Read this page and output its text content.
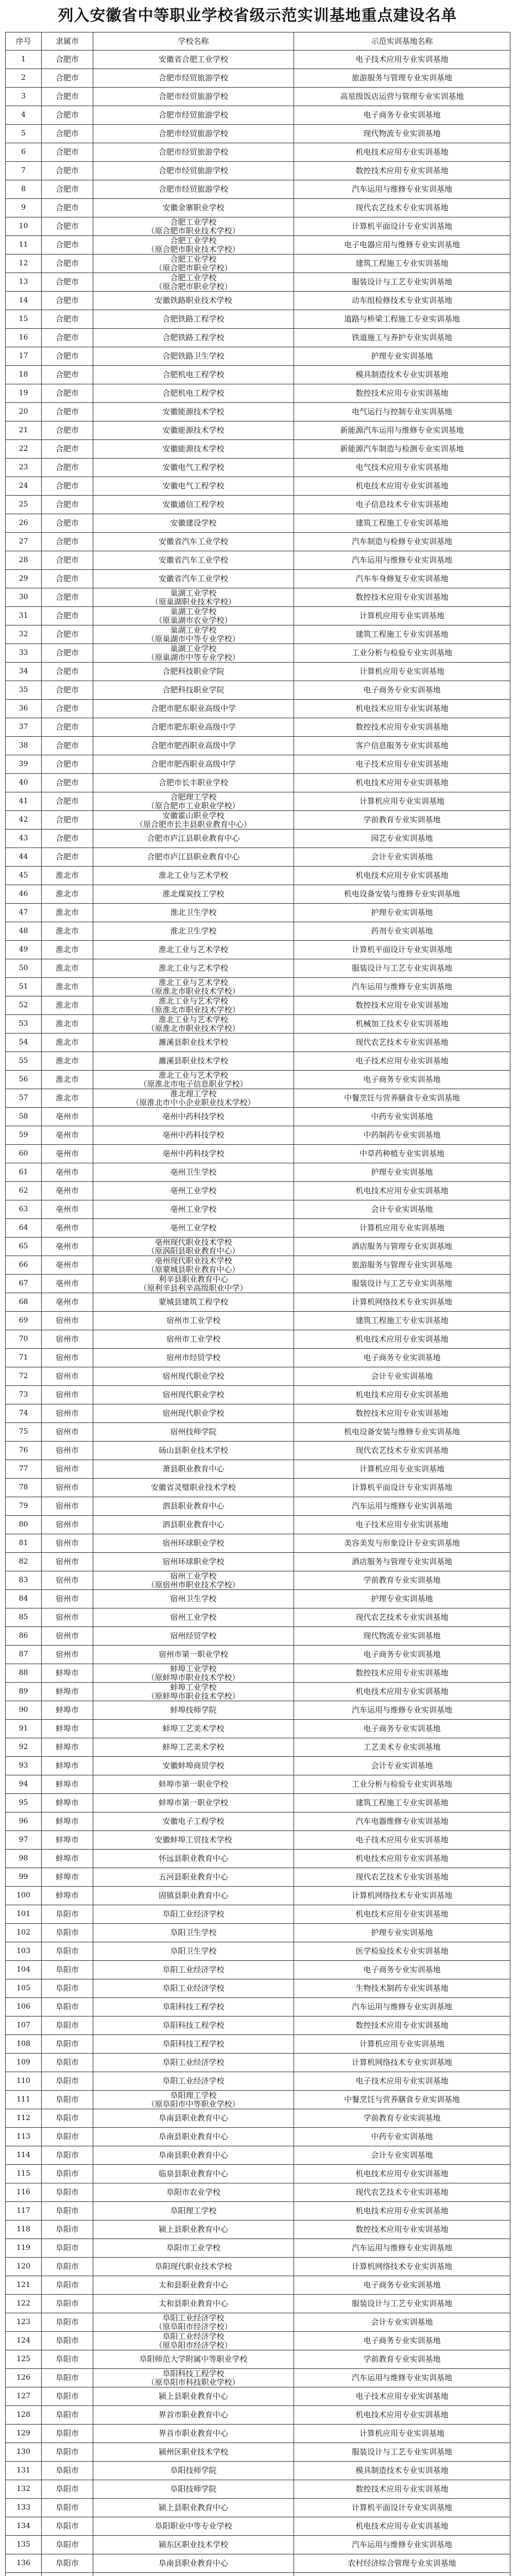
列入安徽省中等职业学校省级示范实训基地重点建设名单
序号	隶属市	学校名称	示范实训基地名称
1	合肥市	安徽省合肥工业学校	电子技术应用专业实训基地
2	合肥市	合肥市经贸旅游学校	旅游服务与管理专业实训基地
3	合肥市	合肥市经贸旅游学校	高星级饭店运营与管理专业实训基地
4	合肥市	合肥市经贸旅游学校	电子商务专业实训基地
5	合肥市	合肥市经贸旅游学校	现代物流专业实训基地
6	合肥市	合肥市经贸旅游学校	机电技术应用专业实训基地
7	合肥市	合肥市经贸旅游学校	数控技术应用专业实训基地
8	合肥市	合肥市经贸旅游学校	汽车运用与维修专业实训基地
9	合肥市	安徽金寨职业学校	现代农艺技术专业实训基地
10	合肥市	合肥工业学校
（原合肥市职业技术学校）	计算机平面设计专业实训基地
11	合肥市	合肥工业学校
（原合肥市职业技术学校）	电子电器应用与维修专业实训基地
12	合肥市	合肥工业学校
（原合肥市职业学校）	建筑工程施工专业实训基地
13	合肥市	合肥工业学校
（原合肥市职业学校）	服装设计与工艺专业实训基地
14	合肥市	安徽铁路职业技术学校	动车组检修技术专业实训基地
15	合肥市	合肥铁路工程学校	道路与桥梁工程施工专业实训基地
16	合肥市	合肥铁路工程学校	铁道施工与养护专业实训基地
17	合肥市	合肥铁路卫生学校	护理专业实训基地
18	合肥市	合肥机电工程学校	模具制造技术专业实训基地
19	合肥市	合肥机电工程学校	数控技术应用专业实训基地
20	合肥市	安徽能源技术学校	电气运行与控制专业实训基地
21	合肥市	安徽能源技术学校	新能源汽车运用与维修专业实训基地
22	合肥市	安徽能源技术学校	新能源汽车制造与检测专业实训基地
23	合肥市	安徽电气工程学校	电气技术应用专业实训基地
24	合肥市	安徽电气工程学校	机电技术应用专业实训基地
25	合肥市	安徽通信工程学校	电子信息技术专业实训基地
26	合肥市	安徽建设学校	建筑工程施工专业实训基地
27	合肥市	安徽省汽车工业学校	汽车制造与检修专业实训基地
28	合肥市	安徽省汽车工业学校	汽车运用与维修专业实训基地
29	合肥市	安徽省汽车工业学校	汽车车身修复专业实训基地
30	合肥市	巢湖工业学校
（原巢湖职业技术学校）	数控技术应用专业实训基地
31	合肥市	巢湖工业学校
（原巢湖市农业学校）	计算机应用专业实训基地
32	合肥市	巢湖工业学校
（原巢湖市中等专业学校）	建筑工程施工专业实训基地
33	合肥市	巢湖工业学校
（原巢湖市中等专业学校）	工业分析与检验专业实训基地
34	合肥市	合肥科技职业学院	计算机应用专业实训基地
35	合肥市	合肥科技职业学院	电子商务专业实训基地
36	合肥市	合肥市肥东职业高级中学	机电技术应用专业实训基地
37	合肥市	合肥市肥东职业高级中学	数控技术应用专业实训基地
38	合肥市	合肥市肥西职业高级中学	客户信息服务专业实训基地
39	合肥市	合肥市肥西职业高级中学	电子技术应用专业实训基地
40	合肥市	合肥市长丰职业学校	机电技术应用专业实训基地
41	合肥市	合肥理工学校
（原合肥市工业职业学校）	计算机应用专业实训基地
42	合肥市	安徽霍山职业学校
（原合肥市长丰县职业教育中心）	学前教育专业实训基地
43	合肥市	合肥市庐江县职业教育中心	园艺专业实训基地
44	合肥市	合肥市庐江县职业教育中心	会计专业实训基地
45	淮北市	淮北工业与艺术学校	机电技术应用专业实训基地
46	淮北市	淮北煤炭技工学校	机电设备安装与维修专业实训基地
47	淮北市	淮北卫生学校	护理专业实训基地
48	淮北市	淮北卫生学校	药剂专业实训基地
49	淮北市	淮北工业与艺术学校	计算机平面设计专业实训基地
50	淮北市	淮北工业与艺术学校	服装设计与工艺专业实训基地
51	淮北市	淮北工业与艺术学校
（原淮北市职业技术学校）	汽车运用与维修专业实训基地
52	淮北市	淮北工业与艺术学校
（原淮北市职业技术学校）	数控技术应用专业实训基地
53	淮北市	淮北工业与艺术学校
（原淮北市职业技术学校）	机械加工技术专业实训基地
54	淮北市	濉溪县职业技术学校	现代农艺技术专业实训基地
55	淮北市	濉溪县职业技术学校	电子技术应用专业实训基地
56	淮北市	淮北工业与艺术学校
（原淮北市电子信息职业学校）	电子商务专业实训基地
57	淮北市	淮北理工学校
（原淮北市中小企业职业技术学校）	中餐烹饪与营养膳食专业实训基地
58	亳州市	亳州中药科技学校	中药专业实训基地
59	亳州市	亳州中药科技学校	中药制药专业实训基地
60	亳州市	亳州中药科技学校	中草药种植专业实训基地
61	亳州市	亳州卫生学校	护理专业实训基地
62	亳州市	亳州工业学校	机电技术应用专业实训基地
63	亳州市	亳州工业学校	会计专业实训基地
64	亳州市	亳州工业学校	计算机应用专业实训基地
65	亳州市	亳州现代职业技术学校
（原涡阳县职业教育中心）	酒店服务与管理专业实训基地
66	亳州市	亳州现代职业技术学校
（原蒙城县职业教育中心）	旅游服务与管理专业实训基地
67	亳州市	利辛县职业教育中心
（原利辛县利辛高级职业中学）	服装设计与工艺专业实训基地
68	亳州市	蒙城县建筑工程学校	计算机网络技术专业实训基地
69	宿州市	宿州市工业学校	建筑工程施工专业实训基地
70	宿州市	宿州市工业学校	机电技术应用专业实训基地
71	宿州市	宿州市经贸学校	电子商务专业实训基地
72	宿州市	宿州现代职业学校	会计专业实训基地
73	宿州市	宿州现代职业学校	机电技术应用专业实训基地
74	宿州市	宿州现代职业学校	数控技术应用专业实训基地
75	宿州市	宿州技师学院	机电设备安装与维修专业实训基地
76	宿州市	砀山县职业技术学校	现代农艺技术专业实训基地
77	宿州市	萧县职业教育中心	计算机应用专业实训基地
78	宿州市	安徽省灵璧职业技术学校	计算机平面设计专业实训基地
79	宿州市	泗县职业教育中心	汽车运用与维修专业实训基地
80	宿州市	泗县职业教育中心	电子技术应用专业实训基地
81	宿州市	宿州环球职业学校	美容美发与形象设计专业实训基地
82	宿州市	宿州环球职业学校	酒店服务与管理专业实训基地
83	宿州市	宿州工业学校
（原宿州市职业技术学校）	学前教育专业实训基地
84	宿州市	宿州卫生学校	护理专业实训基地
85	宿州市	宿州工业学校	现代农艺技术专业实训基地
86	宿州市	宿州经贸学校	现代物流专业实训基地
87	宿州市	宿州市第一职业学校	电子商务专业实训基地
88	蚌埠市	蚌埠工业学校
（原蚌埠市职业技术学校）	数控技术应用专业实训基地
89	蚌埠市	蚌埠工业学校
（原蚌埠市职业技术学校）	机电技术应用专业实训基地
90	蚌埠市	蚌埠技师学院	汽车运用与维修专业实训基地
91	蚌埠市	蚌埠工艺美术学校	电子商务专业实训基地
92	蚌埠市	蚌埠工艺美术学校	工艺美术专业实训基地
93	蚌埠市	安徽蚌埠商贸学校	会计专业实训基地
94	蚌埠市	蚌埠市第一职业学校	工业分析与检验专业实训基地
95	蚌埠市	蚌埠市第一职业学校	建筑工程施工专业实训基地
96	蚌埠市	安徽电子工程学校	汽车电器维修专业实训基地
97	蚌埠市	安徽蚌埠工贸技术学校	电子技术应用专业实训基地
98	蚌埠市	怀远县职业教育中心	机电技术应用专业实训基地
99	蚌埠市	五河县职业教育中心	现代农艺技术专业实训基地
100	蚌埠市	固镇县职业教育中心	计算机网络技术专业实训基地
101	阜阳市	阜阳工业经济学校	机电技术应用专业实训基地
102	阜阳市	阜阳卫生学校	护理专业实训基地
103	阜阳市	阜阳卫生学校	医学检验技术专业实训基地
104	阜阳市	阜阳工业经济学校	电子商务专业实训基地
105	阜阳市	阜阳工业经济学校	生物技术制药专业实训基地
106	阜阳市	阜阳科技工程学校	汽车运用与维修专业实训基地
107	阜阳市	阜阳科技工程学校	数控技术应用专业实训基地
108	阜阳市	阜阳科技工程学校	计算机应用专业实训基地
109	阜阳市	阜阳工业经济学校	计算机网络技术专业实训基地
110	阜阳市	阜阳工业经济学校	电子技术应用专业实训基地
111	阜阳市	阜阳理工学校
（原阜阳市中等职业学校）	中餐烹饪与营养膳食专业实训基地
112	阜阳市	阜南县职业教育中心	学前教育专业实训基地
113	阜阳市	阜南县职业教育中心	中药专业实训基地
114	阜阳市	阜南县职业教育中心	会计专业实训基地
115	阜阳市	临泉县职业教育中心	机电技术应用专业实训基地
116	阜阳市	阜阳市农业学校	现代农艺技术专业实训基地
117	阜阳市	阜阳理工学校	机电技术应用专业实训基地
118	阜阳市	颍上县职业教育中心	数控技术应用专业实训基地
119	阜阳市	阜阳市工业学校	汽车运用与维修专业实训基地
120	阜阳市	阜阳现代职业技术学校	计算机网络技术专业实训基地
121	阜阳市	太和县职业教育中心	电子商务专业实训基地
122	阜阳市	太和县职业教育中心	服装设计与工艺专业实训基地
123	阜阳市	阜阳工业经济学校
（原阜阳市经济学校）	会计专业实训基地
124	阜阳市	阜阳工业经济学校
（原阜阳市经济学校）	电子商务专业实训基地
125	阜阳市	阜阳师范大学附属中等职业学校	学前教育专业实训基地
126	阜阳市	阜阳科技工程学校
（原阜阳市科技职业学校）	汽车运用与维修专业实训基地
127	阜阳市	颍上县职业教育中心	电子技术应用专业实训基地
128	阜阳市	界首市职业教育中心	机电技术应用专业实训基地
129	阜阳市	界首市职业教育中心	计算机应用专业实训基地
130	阜阳市	颍州区职业技术学校	服装设计与工艺专业实训基地
131	阜阳市	阜阳技师学院	模具制造技术专业实训基地
132	阜阳市	阜阳技师学院	数控技术应用专业实训基地
133	阜阳市	颍上县职业教育中心	计算机平面设计专业实训基地
134	阜阳市	阜阳职业中等专业学校	机电技术应用专业实训基地
135	阜阳市	颍东区职业技术学校	汽车运用与维修专业实训基地
136	阜阳市	阜南县职业教育中心	农村经济综合管理专业实训基地
